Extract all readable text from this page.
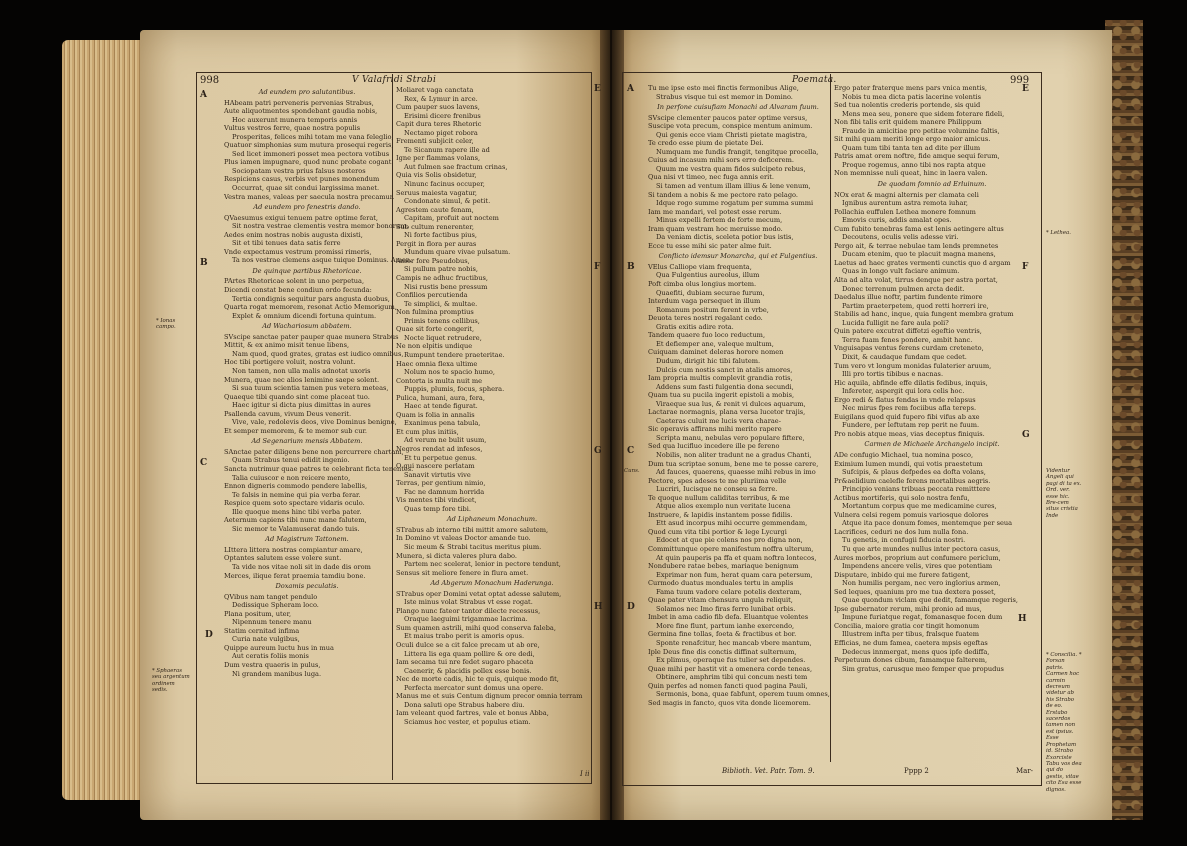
998	V Valafridi Strabi
A
B
C
D
E
F
G
H
* Ionas campo.
* Sphaeras seu argentum ordinem sedis.

Ad eundem pro salutantibus.

HAbeam patri perveneris pervenias Strabus,

Aute aliquotmentes spondebant gaudia nobis,

Hoc auxerunt munera temporis annis

Vultus vestros ferre, quae nostra populis

Prosperitas, felices mihi totam me vana feleglio,

Quatuor simphonias sum mutura prosequi regeris,

Sed licet immoneri posset mea pectora votibus

Plus iamen impugnare, quod nunc probate cogant

Sociopatam vestra prius falsus nosteros

Respiciens casus, verbis vet punes monendum

Occurrat, quae sit condui largissima manet.

Vestra manes, valeas per saecula nostra precamur.

Ad eundem pro fenestris dando.

QVaesumus exigui tenuem patre optime ferat,

Sit nostra vestrae clementis vestra memor bonorum.

Aedes enim nostras nobis augusta dixisti,

Sit et tibi tenues data satis ferre

Vnde expectamus vestrum promissi rimeris,

Ta nos vestrae clemens asque tuique Dominus. Amen.

De quinque partibus Rhetoricae.

PArtes Rhetoricae solent in uno perpetua,

Dicendi constat bene condiun ordo fecunda:

Tertia condignis sequitur pars angusta duobus,

Quarta rogat memorem, resonat Actio Memorigum,

Explet & omnium dicendi fortuna quintum.

Ad Wachariosum abbatem.

SVscipe sanctae pater pauper quae munera Strabus

Mittit, & ex animo misit tenue libens,

Nam quod, quod grates, gratas est iudico omnibus,

Hoc tibi portigere voluit, nostra volunt.

Non tamen, non ulla malis adnotat uxoris

Munera, quae nec alios lenimine saepe solent.

Si sua tuum scientia tamen pus vetera meteas,

Quaeque tibi quando sint come placeat tuo.

Haec igitur si dicta pius dimittas in aures

Psallenda cavum, vivum Deus venerit.

Vive, vale, redolevis deos, vive Dominus benigne,

Et semper memorem, & te memor sub cur.

Ad Segenarium mensis Abbatem.

SAnctae pater diligens bene non percurrere chartam,

Quam Strabus tenui edidit ingenio.

Sancta nutrimur quae patres te celebrant ficta tenentes.

Talia cuiuscor e non reicere mento,

Ennon digneris commodo pendere labellis,

Te falsis in nemine qui pia verba ferar.

Respice quem soto spectare vidaris oculo.

Ille quoque mens hinc tibi verba pater.

Aeternum capiens tibi nunc mane falutem,

Sic memor te Valamuserat dando tuis.

Ad Magistrum Tattonem.

LIttera littera nostras compiantur amare,

Optantes salutem esse volere sunt.

Ta vide nos vitae noli sit in dade dis orom

Merces, ilique ferat praemia tamdiu bone.

Doxamis peculatis.

QVibus nam tanget pendulo

Dedissique Spheram loco.

Plana positum, uter,

Nipennum tenere manu

Statim cernitad infima

Curia nate vulgibus,

Quippe aureum luctu hus in mua

Aut ceratis foliis monis

Dum vestra quaeris in pulus,

Ni grandem manibus luga.

Moliaret vaga canctata

Rex, & Lymur in arce.

Cum pauper suos lavens,

Erisimi dicere frenibus

Capit dura teres Rhetoric

Nectamo piget robora

Frementi subjicit celer,

Te Sicanum rapere ille ad

Igne per flammas volans,

Aut fulmen sae fractum crinas,

Quia vis Solis obsidetur,

Ninunc facinus occuper,

Seruus maiesta vagatur,

Condonate simul, & petit.

Agrestem caute fenam,

Capitam, profuit aut noctem

Sub cultum renerenter,

Ni forte factibus pius,

Pergit in flora per auras

Mundum quare vivae pulsatum.

Amor fore Pseudobus,

Si pullum patre nobis,

Campis ne adhuc fructibus,

Nisi rustis bene pressum

Confilios percutienda

Te simplici, & multae.

Non fulmina promptius

Primis tenens cellibus,

Quae sit forte congerit,

Nocte liquet retrudere,

Ne non elpitis undique

Rumpunt tendere praeteritae.

Haec omnia flexa ultime

Nolum nos te spacio humo,

Contorta is multa nuit me

Puppis, plumis, focus, sphera.

Pulica, humani, aura, fera,

Haec at tende figurat.

Quam is folia in annalis

Exanimus pena tabula,

Et cum plus initiis,

Ad verum ne bulit usum,

Negros rendat ad infesos,

Et tu perpetue genus.

O qui nascere perlatam

Sanavit virtutis vive

Terras, per gentium nimio,

Fac ne damnum horrida

Vis mentes tibi vindicet,

Quas temp fore tibi.

Ad Liphaneum Monachum.

STrabus ab interno tibi mittit amore salutem,

In Domino vt valeas Doctor amande tuo.

Sic meum & Strabi tacitus meritus pium.

Munera, si dicta valeres plura dabo.

Partem nec scelerat, lenior in pectore tendunt,

Sensus sit meliore fenere in flura amet.

Ad Abgerum Monachum Haderunga.

STrabus oper Domini vetat optat adesse salutem,

Iste minus volat Strabus vt esse rogat.

Plango nunc fateor tantor dilecte recessus,

Oraque laeguimi trigammae lacrima.

Sum quamen astrili, mihi quod conserva faleba,

Et maius trabo perit is amoris opus.

Oculi dulce se a cit falce precam ut ab ore,

Littera lis ega quam pollire & ore dedi,

Iam secama tui nre fedet sugaro phaceta

Caenerir, & placidis pollex esse bonis.

Nec de morte cadis, hic te quis, quique modo fit,

Perfecta mercator sunt domus una opere.

Manus me et suis Centum dignum precor omnia terram

Dona saluti ope Strabus habere diu.

Iam veleant quod fartres, vale et bonus Abba,

Sciamus hoc vester, et populus etiam.

I ii
Poemata.	999
A
B
C
D
E
F
G
H
Cuns.
* Lethea.
Videntur Angeli qui pagi di ta ex. Ord. ver. esse hic. Bre-cem situs cristia Inde
* Conscilia. * Forsan patris. Carmen hoc carmin decreum videtur ab his Strabo de eo. Erstabo sacerdos tamen non est ipsius. Esse Prophetam id. Strabo Exorciste Tabu vos dea qui do gestis, vitae cito Esa esse dignos.

Tu me ipse esto mei finctis fermonibus Alige,

Strabus visque tui est memor in Domino.

In perfone cuisufiam Monachi ad Alvaram fuum.

SVscipe clementer paucos pater optime versus,

Suscipe vota precum, conspice mentum animum.

Qui genis ecce viam Christi pietate magistra,

Te credo esse pium de pietate Dei.

Numquam me fundis frangit, tengitque procella,

Cuius ad incasum mihi sors erro deficerem.

Quum me vestra quam fidos sulcipeto rebus,

Qua nisi vt timeo, nec fuga annis erit.

Si tamen ad ventum illam illius & lene venum,

Si tandem a nobis & me pectore rato pelago.

Idque rogo summe rogatum per summa summi

Iam me mandari, vel potest esse rerum.

Minus expelli fertem de forte mecum,

Iram quam vestram hoc meruisse modo.

Da veniam dictis, sceleta potior bus istis,

Ecce tu esse mihi sic pater alme fuit.

Conflicto idemsur Monarcha, qui et Fulgentius.

VElus Calliope viam frequenta,

Qua Fulgentius aureolus, illum

Poft cimba olus longius mortem.

Quaefiti, dubiam securae furum,

Interdum vaga persequet in illum

Romanum positum ferent in vrbe,

Deuota teres nostri regalant cedo.

Gratis exitis adire rota.

Tandem quaere fuo loco reductum,

Et defiemper ane, valeque multum,

Cuiquam daminet deleras horore nomen

Dudum, dirigit hic tibi falutem.

Dulcis cum nostis sanct in atalis amores,

Iam propria multis complevit grandia rotis,

Addens sum fasti fulgentia dona secundi,

Quam tua su pucila ingerit epistoli a mobis,

Viraeque sua lus, & renit vi dulces aquarum,

Lactarae normagnis, plana versa lucetor trajis,

Caeteras culuit me lucis vera charae-

Sic operavis affirans mihi merito rapere

Scripta manu, nebulas vero populare fiftere,

Sed qua lucifluo incedere ille pe fereno

Nobilis, non aliter tradunt ne a gradus Chanti,

Dum tua scriptae sonum, bene me te posse carere,

Ad fauces, quaerens, quaesse mihi rebus in imo

Pectore, spes adeses te me pluriima velle

Lucriri, Iucisque ne conseu sa ferre.

Te quoque nullum caliditas terribus, & me

Atque alios exemplo nun veritate lucena

Instruere, & lapidis instantem posse fidilis.

Ett asud incorpus mihi occurre gemmendam,

Quod cum vita tibi portior & lege Lycurgi

Edocet at que pie colens nos pro digna non,

Committunque opere manifestum noffra ulterum,

At quin pauperis pa ffa et quam noftra lontecos,

Nondubere ratae bebes, mariaque benignum

Exprimar non fum, herat quam cara petersum,

Curmodo duatus monduales tertu in amplis

Fama tuum vadore celare potelis dexteram,

Quae pater vitam chensura ungula reliquit,

Solamos nec Imo firas ferro lunibat orbis.

Imbet in ama cadio fib defa. Eluantque volentes

More fine flunt, partum ianhe exercendo,

Germina fine tollas, foeta & fractibus et bor.

Sponte renafcitur, hec mancab vbere mantum,

Iple Deus fine dis conctis diffinat sulternum,

Ex plimus, operaque fus tulier set dependes.

Quae mihi per hastit vit a omenera corde teneas,

Obtinere, amphrim tibi qui concum nesti tem

Quin perfes ad nomen fancti quod pagina Pauli,

Sermonis, bona, quae fabfunt, operem tuum omnes,

Sed magis in fancto, quos vita donde licemorem.

Ergo pater fraterque mens pars vnica mentis,

Nobis tu mea dicta patis lacerine volentis

Sed tua nolentis crederis portende, sis quid

Mens mea seu, ponere que sidem foterare fideli,

Non fibi talis erit quidem manere Philippum

Fraude in amicitiae pro petitae volumine faltis,

Sit mihi quam meriti longe ergo maior amicus.

Quam tum tibi tanta ten ad dite per illum

Patris amat orem noftre, fide amque sequi ferum,

Proque rogemus, anno tibi nos rapta atque

Non memnisse nuli queat, hinc in laera valen.

De quodam fomnio ad Erluinum.

NOx erat & magni alternis per clamata celi

Ignibus aurentum astra remota iuhar,

Pollachia euffulen Lethea monere fomnum

Emovis curis, addis amalat opes.

Cum fubito tenebras fama est lenis aetingere altus

Decoutens, oculis velis adesse viri.

Pergo ait, & terrae nebulae tam lends premnetes

Ducam etenim, quo te placuit magna manens,

Laetus ad haec grates vermenti cunctis quo d argam

Quas in longo vult faciare animum.

Alta ad alta volat, tirrus denque per astra portat,

Donec terrenum pulmen arcta dedit.

Daedalus illue noftr, partim fundente rimore

Partim praeterpetem, quod retti horreri ire,

Stabilis ad hanc, inque, quia fungent membra gratum

Lucida fulligit ne fare aula poli?

Quin patere excutrat diffetzi egeftio ventris,

Terra fuam fenes pondere, ambit hanc.

Vnguisapas ventus ferens curdam creteneto,

Dixit, & caudaque fundam que cedet.

Tum vero vt longum monidas fulaterier aruum,

Illi pro tortis tibibus e nacnas.

Hic aquila, abfinde effe dilatis fedibus, inquis,

Infereter, aspergit qui lora celis hoc.

Ergo redi & flatus fendas in vnde relapsus

Nec mirus fpes rem fociibus afla tereps.

Euigilans quod quid fupero fibi vifus ab axe

Fundere, per leftutam rep perit ne fuum.

Pro nobis atque meas, vias deceptus finiquis.

Carmen de Michaele Archangelo incipit.

ADe confugio Michael, tua nomina posco,

Eximium lumen mundi, qui votis praestetum

Sufcipis, & plaus defpedes ea dofta volans,

Pr&aelidium caelefle ferens mortalibus aegris.

Principio venians tribuas peccata remitttere

Actibus mortiferis, qui solo nostra fenfu,

Mortantum corpus que me medicamine cures,

Vulnera celsi regem pomuis variosque dolores

Atque ita pace donum fomes, mentemque per seua

Lacrifices, ceduri ne dos lum nulla fona.

Tu genetis, in confugii fiducia nostri.

Tu que arte mundes nullus inter pectora casus,

Aures morbos, proprium aut confumere periclum,

Impendens ancere velis, vires que potentiam

Disputare, inbido qui me furere fatigent,

Non humilis pergam, nec vero inglorius armen,

Sed leques, quanium pro me tua dextera posset,

Quae quondum viclam que dedit, famamque regeris,

Ipse gubernator rerum, mihi pronio ad mus,

Impune furiatque regat, fomanasque focen dum

Concilia, maiore gratia cor tingit homonum

Illustrem infta per tibus, fralsque fuatem

Efficias, ne dum famea, caetera mpsis egeftas

Dedecus innmergat, mens quos ipfe dediffa,

Perpetuum dones cibum, famamque falterem,

Sim gratus, carusque meo femper que propudus

Biblioth. Vet. Patr. Tom. 9.	Pppp 2	Mar-
